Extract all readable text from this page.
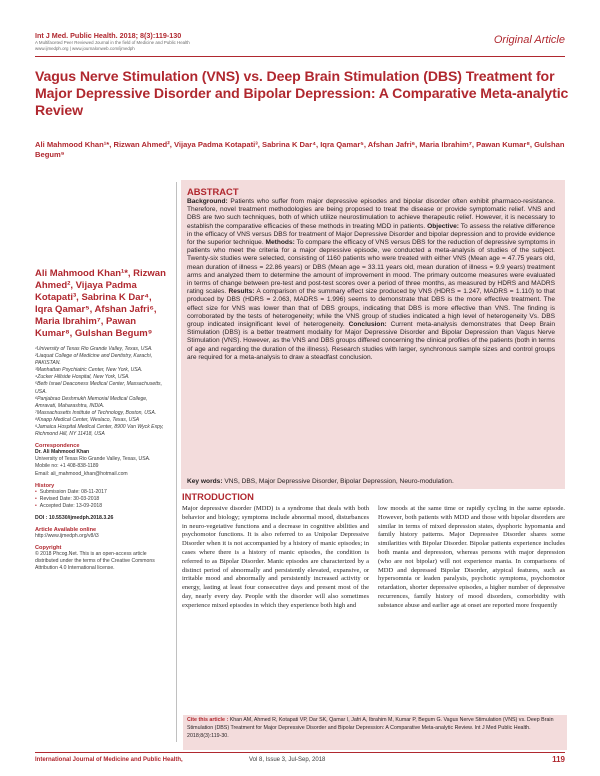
Int J Med. Public Health. 2018; 8(3):119-130
A Multifaceted Peer Reviewed Journal in the field of Medicine and Public Health
www.ijmedph.org | www.journalonweb.com/ijmedph
Original Article
Vagus Nerve Stimulation (VNS) vs. Deep Brain Stimulation (DBS) Treatment for Major Depressive Disorder and Bipolar Depression: A Comparative Meta-analytic Review
Ali Mahmood Khan¹*, Rizwan Ahmed², Vijaya Padma Kotapati³, Sabrina K Dar⁴, Iqra Qamar⁵, Afshan Jafri⁶, Maria Ibrahim⁷, Pawan Kumar⁸, Gulshan Begum⁹
Ali Mahmood Khan¹*, Rizwan Ahmed², Vijaya Padma Kotapati³, Sabrina K Dar⁴, Iqra Qamar⁵, Afshan Jafri⁶, Maria Ibrahim⁷, Pawan Kumar⁸, Gulshan Begum⁹
¹University of Texas Rio Grande Valley, Texas, USA.
²Liaquat College of Medicine and Dentistry, Karachi, PAKISTAN.
³Manhattan Psychiatric Center, New York, USA.
⁴Zucker Hillside Hospital, New York, USA.
⁵Beth Israel Deaconess Medical Center, Massachusetts, USA.
⁶Panjabrao Deshmukh Memorial Medical College, Amravati, Maharashtra, INDIA.
⁷Massachusetts Institute of Technology, Boston, USA.
⁸Knapp Medical Center, Weslaco, Texas, USA
⁹Jamaica Hospital Medical Center, 8900 Van Wyck Expy, Richmond Hill, NY 11418, USA
Correspondence
Dr. Ali Mahmood Khan
University of Texas Rio Grande Valley, Texas, USA.
Mobile no: +1 408-838-1189
Email: ali_mahmood_khan@hotmail.com
History
• Submission Date: 08-11-2017
• Revised Date: 30-03-2018
• Accepted Date: 13-09-2018
DOI : 10.5530/ijmedph.2018.3.26
Article Available online
http://www.ijmedph.org/v8/i3
Copyright
© 2018 Phcog.Net. This is an open-access article distributed under the terms of the Creative Commons Attribution 4.0 International license.
ABSTRACT
Background: Patients who suffer from major depressive episodes and bipolar disorder often exhibit pharmaco-resistance. Therefore, novel treatment methodologies are being proposed to treat the disease or provide symptomatic relief. VNS and DBS are two such techniques, both of which utilize neurostimulation to achieve therapeutic relief. However, it is necessary to establish the comparative efficacies of these methods in treating MDD in patients. Objective: To assess the relative difference in the efficacy of VNS versus DBS for treatment of Major Depressive Disorder and bipolar depression and to provide evidence for the superior technique. Methods: To compare the efficacy of VNS versus DBS for the reduction of depressive symptoms in patients who meet the criteria for a major depressive episode, we conducted a meta-analysis of studies of the subject. Twenty-six studies were selected, consisting of 1160 patients who were treated with either VNS (Mean age = 47.75 years old, mean duration of illness = 22.86 years) or DBS (Mean age = 33.11 years old, mean duration of illness = 9.9 years) treatment arms and analyzed them to determine the amount of improvement in mood. The primary outcome measures were evaluated in terms of change between pre-test and post-test scores over a period of three months, as measured by HDRS and MADRS rating scales. Results: A comparison of the summary effect size produced by VNS (HDRS = 1.247, MADRS = 1.110) to that produced by DBS (HDRS = 2.063, MADRS = 1.996) seems to demonstrate that DBS is the more effective treatment. The effect size for VNS was lower than that of DBS groups, indicating that DBS is more effective than VNS. The finding is corroborated by the tests of heterogeneity; while the VNS group of studies indicated a high level of heterogeneity Vs. DBS group indicated insignificant level of heterogeneity. Conclusion: Current meta-analysis demonstrates that Deep Brain Stimulation (DBS) is a better treatment modality for Major Depressive Disorder and Bipolar Depression than Vagus Nerve Stimulation (VNS). However, as the VNS and DBS groups differed concerning the clinical profiles of the patients (both in terms of age and regarding the duration of the illness). Research studies with larger, synchronous sample sizes and control groups are required for a meta-analysis to draw a steadfast conclusion.
Key words: VNS, DBS, Major Depressive Disorder, Bipolar Depression, Neuro-modulation.
INTRODUCTION
Major depressive disorder (MDD) is a syndrome that deals with both behavior and biology; symptoms include abnormal mood, disturbances in neuro-vegetative functions and a decrease in cognitive abilities and psychomotor functions. It is also referred to as Unipolar Depressive Disorder when it is not accompanied by a history of manic episodes; in cases where there is a history of manic episodes, the condition is referred to as Bipolar Disorder. Manic episodes are characterized by a distinct period of abnormally and persistently elevated, expansive, or irritable mood and abnormally and persistently increased activity or energy, lasting at least four consecutive days and present most of the day, nearly every day. People with the disorder will also sometimes experience mixed episodes in which they experience both high and
low moods at the same time or rapidly cycling in the same episode. However, both patients with MDD and those with bipolar disorders are similar in terms of mixed depression states, dysphoric hypomania and family history patterns. Major Depressive Disorder shares some similarities with Bipolar Disorder. Bipolar patients experience includes both mania and depression, whereas persons with major depression (who are not bipolar) will not experience mania. In comparisons of MDD and depressed Bipolar Disorder, atypical features, such as hypersomnia or leaden paralysis, psychotic symptoms, psychomotor retardation, shorter depressive episodes, a higher number of depressive recurrences, family history of mood disorders, comorbidity with substance abuse and earlier age at onset are reported more frequently
Cite this article : Khan AM, Ahmed R, Kotapati VP, Dar SK, Qamar I, Jafri A, Ibrahim M, Kumar P, Begum G. Vagus Nerve Stimulation (VNS) vs. Deep Brain Stimulation (DBS) Treatment for Major Depressive Disorder and Bipolar Depression: A Comparative Meta-analytic Review. Int J Med Public Health. 2018;8(3):119-30.
International Journal of Medicine and Public Health,	Vol 8, Issue 3, Jul-Sep, 2018	119
